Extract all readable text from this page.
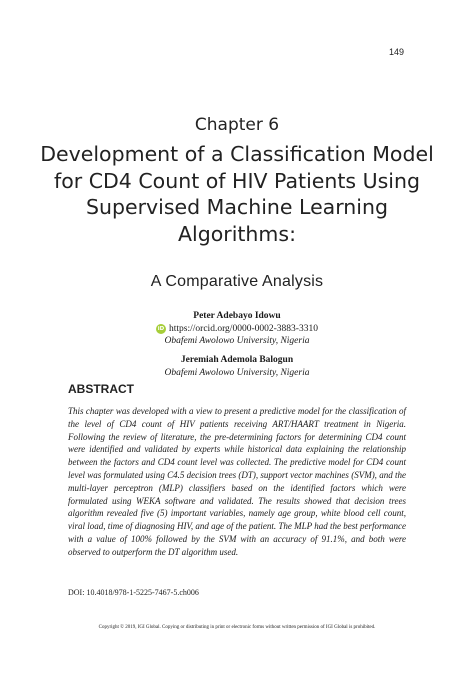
149
Chapter 6
Development of a Classification Model for CD4 Count of HIV Patients Using Supervised Machine Learning Algorithms:
A Comparative Analysis
Peter Adebayo Idowu
iD https://orcid.org/0000-0002-3883-3310
Obafemi Awolowo University, Nigeria
Jeremiah Ademola Balogun
Obafemi Awolowo University, Nigeria
ABSTRACT
This chapter was developed with a view to present a predictive model for the classification of the level of CD4 count of HIV patients receiving ART/HAART treatment in Nigeria. Following the review of literature, the pre-determining factors for determining CD4 count were identified and validated by experts while historical data explaining the relationship between the factors and CD4 count level was collected. The predictive model for CD4 count level was formulated using C4.5 decision trees (DT), support vector machines (SVM), and the multi-layer perceptron (MLP) classifiers based on the identified factors which were formulated using WEKA software and validated. The results showed that decision trees algorithm revealed five (5) important variables, namely age group, white blood cell count, viral load, time of diagnosing HIV, and age of the patient. The MLP had the best performance with a value of 100% followed by the SVM with an accuracy of 91.1%, and both were observed to outperform the DT algorithm used.
DOI: 10.4018/978-1-5225-7467-5.ch006
Copyright © 2019, IGI Global. Copying or distributing in print or electronic forms without written permission of IGI Global is prohibited.
